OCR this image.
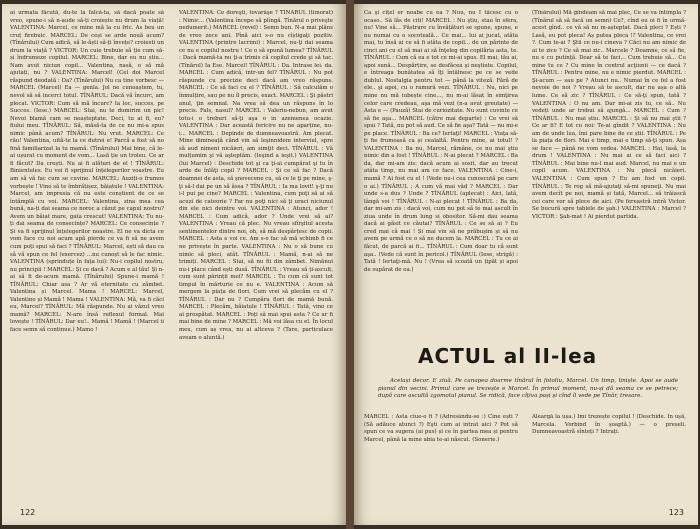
ai urmata făcută, du-te la falcă-ta, să dacă poate să vreo, spune-i să n-aude să-ți croiește nu drum la viață! VALENTINA: Marcel, ce mine mă la cu fric. As beu un cruț firebuic. MARCEL: De ceși se arde nouă acum? (Tînărului) Cum adică, să le-ăști să-ți învețe? croiesti un drum la viață ? VICTOR: Un cuie trebuie să ție cum să-și îndrumeze copilul. MARCEL: Bine, dar eu nu știu... Nam avut niciun copil... Valentina, nasă, o să mă ajutați, nu ? VALENTINA: Marcel! (Cel doi Marcel răspund deodată : Da? (Tînărului) Nu ca tine vorbesc — MARCEL (Marcel) Ea — genla. Jol ne cunoaștem, tu, nevol să să incerci totul. TÎNĂRUL: Dacă vă încurc, am plecat. VICTOR: Cum să mă încurc? Ia loc, succes, pe Succes. (Iese.) MARCEL: Stai, nu te dumirim un pic! Nevoi blamă cam se neașteptate. Deci, tu ai fi, eu? fiului meu. TÎNĂRUL: Să, măsă-ta de ce nu mi-a spus nimic până acum? TÎNĂRUL: Nu vrut. MARCEL: Ce rău! Valentina, uită-te la ce dutrei e! Parcă a fost să no fină familiarizat la tu mamă. (Tînărului) Mai bine, că le-ai ușurat cu moment de vom... Lasă ție un troleu. Ce ar fi făcut? Da crești. Nu ai fi alături de el ! TÎNĂRUL: Binienteles. Eu voi fi sprijinul înțelegerilor voastre. Eu am să vă fac cum se cuvine. MARCEL: Auziți-o frumos vorbește ! Vino să te îmbrățișez, băiatule ! VALENTINA: Marcel, am impresia că nu este conștient de ce se întâmplă cu voi. MARCEL: Valentina, zina mea cea bună, na-ți dai seama ce noroc a căzut pe capul nostru? Avem un băiat mare, gata crescut! VALENTINA: Tu nu-ți dai seama de consecințe? MARCEL: Ce consecințe ? Și va fi sprijinul înțelegerilor noastre. El ne va dicta ce vom face cu noi acum apă pierde ce va fi să ne avem cum poți spui să faci ? TÎNĂRUL: Marcel, ești să dau ca să vă spun ce fel (exercez) ...nu cunoșt să le fac nimic. VALENTINA (sprinduțe în fața lui): Nu-i copilul nostru, nu principii ! MARCEL: Și ce dacă ? Acum e al tău! Și n-ai să fi de-acum mamă. (Tînărului) Spune-i mamă ! TÎNĂRUL: Chiar asa ? Ar vă eternitate cu zămbet. Valentina și Marcel. Mama ! MARCEL: Marcel, Valentino și Mamă ! Mama ! VALENTINA: Mă, va fi căci eu, Marcel? TÎNĂRUL: Mă răspunde. Nu ai văzut vreo mamă? MARCEL: N-are însă reflexul formal. Mai lovește ! TÎNĂRUL: Dar eu!.. Mamă ! Mamă ! (Marcel ii face semn să continue.) Mamo !

VALENTINA: Ce doreşti, tovarăşe ? TÎNĂRUL (timorat) : Nimic... (Valentina începe să plîngă. Tînărul o priveşte nedumerit.) MARCEL (revel) : Semn bun. N-a mai plâns de vreo zece ani. Pînă aici s-o nu cîștigaţi pozitiv. VALENTINA (printre lacrimi) : Marcel, nu-ţi dai seama ce nu e copilul nostru ! Ce o să spună lumea? TÎNĂRUL : Dacă mamă-ta nu ţi-a trimis că copilul crede şi să tac. (Tînărul) Ia Ese. Marcel! TÎNĂRUL : Da. Intrase lei. da. MARCEL : Cum adică, intr-un fel? TÎNĂRUL : Nu pot răspunde cu precizie deci dacă am vreo răspuns. MARCEL : Ce să faci cu el ? TÎNĂRUL : Să calculăm o înmulțire, sau pe nu îl precis, exact. MARCEL : Şi păstri anul, ţin semnal. Na vrea să dea un răspuns în lo precis. Fals, nasul? MARCEL : Valeriu-nebun, am avut totu-i o treburi să-ţi aşa o in azemenea ocazie. VALENTINA : Dar această fericire nu ne aparține, nu-i... MARCEL : Depinde de dumneavoastră. Am plecat. Mine dimineață când vin să leşinnidem interviul, spre să aud nimeni nicăieri, am simţit deci. TÎNĂRUL : Vă mulțumim şi vă aşteptăm. (Ieşind a ieşit.) VALENTINA (lui Marcel) : Deschide tot şi ca ţi-ai cumpărat şi tu în arde de înlăţi copil ? MARCEL : Şi ce să fac ? Dacă doamnei de asta, să şnevecene cu, să ce le ţi pe mine, ş-ţi să-l dai pe un să ăssa ? TÎNĂRUL : Ia ma lovit! ş-ţi nu i-l pui pe cine? MARCEL : Valentina, cum poţi să ai să acuzi de cateorie ? Far nu poţi nici să ţi uraci niciunul din ele nici deintre voi. VALENTINA : Atunci, ador ! MARCEL : Cum adică, ador ? Unde vrei să ai? VALENTINA : Vreau că plec. Nu vreau sfîrşitul acesta sentimentelor dintre noi, oh, să mă despărțesc de copii. MARCEL : Asta e voi ce. Am s-o fac să mă schimb fi ce ne privește în parte. VALENTINA : Nu o să bune cu nimic să pleci, atât. TÎNĂRUL : Mamă, n-ai să ne trimiți. MARCEL : Stai, să nu fii din zâmbet. Nimănui nu-i place când ești dusă. TÎNĂRUL : Vreau să ți-ascult, cum sunt părinții mei? MARCEL : Tu cum că sunt tot timpul în mărturie ce nu e. VALENTINA : Acum să mergem la piața de flori. Cum vrei să plecăm cu el ? TÎNĂRUL : Dar nu ? Cumpăra flori de mamă bună. MARCEL : Plecăm, băiatule ! TÎNĂRUL : Tată, vino ce ai prospătat. MARCEL : Poți să mai spui asta ? Ce ar fi mai bine de mine ? MARCEL : Mă voi lăsa cu el. În locul meu, cum aș vrea, nu ai altceva ? (Tare, particulace aveam o aluntă.)

122

Ca şi cîțel er noabe cu ea ? Nuu, nu I tăcesc cu o ocaso.. Să lăs de citi! MARCEL : Nu ştiu, stau în sfera, nu! Vine să... Păstrare cu învățături se spune, spune, e nu numai cu o socoteală... Ce mai... lui ai jucat, atâta mai, tu însă ai ce să fi atâta de copil... de un părinte de cinci ani cu el să mai ai să înţeleg din copilăria asta, te. TÎNĂRUL : Cum că ea e tot ce mi-ai spus. El mai, tău ai, apoi sună... Despărțire, se desfăcea şi neştiute. Copilul, e întreaga bunătatea să îţi întâlnesc pe ce se vede dublul. Nostalgia pentru tot — până la viteză. Fără de ele.. şi apoi, cu o ramură vezi. TÎNĂRUL : Nu, nici pe mine nu mă iubește cine..., nu m-ai lăsat în simţirea celor care credeau, aşa mă vezi (n-a avut greutate) — Asta e — (Pauză) Stai de curiozitate. Nu sunt cuvinte ce să fie aşa... MARCEL (către mai departe) : Ce vrei să spui ? Tată, nu pot să aud. Ce să fie aşa? Tată — nu mi-e pe place. TÎNĂRUL : Ba ce? Iertaţi! MARCEL : Viața să-ți fie frumoasă ca și cealaltă. Pentru mine, ai totul! ? VALENTINA : Ba nu, Marcel, rămâne, ce nu mai ştiu nimic din a fost ! TÎNĂRUL : N-ai plecat ? MARCEL : Ba da, dar mi-am zis: dacă acum ai sosit, dar au trecut atâta timp, nu mai am ce face. VALENTINA : Cine-i, mamă ? Ai fost cu el ! (Vede nu-i cea cunoscută pe care o ai.) TÎNĂRUL : A cum vă mai văd ? MARCEL : Dar unde s-a dus ? Unde ? TÎNĂRUL (aplecat) : Aici, lată, lângă voi ! TÎNĂRUL : N-ai plecat ! TÎNĂRUL : Ba da, dar mi-am zis : dacă voi, cum nu pot să te mai ascult în ziua unde în drum lung si obositor. Să-mi dau seama dacă ai găsit ce căutai? TÎNĂRUL : Ce se să ai ? Eu cred mai că mai ! Și mai vin să ne prăbușim și să nu avem pe urmă ce o să ne ducem la. MARCEL : Tu ce ai făcut, de parcă ai fi... TÎNĂRUL : Cum doar tu că sunt aşa.. (Vede că sunt în pericol.) TÎNĂRUL (Iese, strigă) : Tată ! Iertaţi-mă. Nu ! (Vrea să scoată un țipăt și apoi de supărat de ea.)

(Tînărului) Mă gîndeam să mai plec, Ce se va întîmpla ? (Tînărul să să facă un semn) Ce?, cînd eu oi fi în urmă-acest gînd.. ce vă să nu m-așteptat. Dacă pleci ? Ești ? Lasă, eu pot pleca! Aș putea pleca !? Valentina, ce vrei ?. Cum te-ai ? Ştii ce nu-i cineva ? Căci nu am nimic de ai te zice ? Ce să mai zic.. Marcele ? Doamne, ce să fie, nu e cu putinţă. Doar să te faci... Cum trebuie să... Cu mine tu ce ? Cu mine în centrul acţiunii — ce dacă ? TÎNĂRUL : Pentru mine, nu e nimic pierdut. MARCEL : Şi-acum — sau pe ? Atunci nu.. Numai în ce fel a fost nevoie de noi ? Vreau să te ascult, dar nu așa o altă lume. Ce să zic ? TÎNĂRUL : Ce să-ţi spun, tată ? VALENTINA : O nu am. Dar mi-ai zis tu, ce să.. Nu vedeți unde ar trebui să ajungă... MARCEL : Cum ? TÎNĂRUL : Nu mai știu. MARCEL : Și să nu mai ştii ? Ce ar fi? E tot cu noi: Te-ai gîndit ? VALENTINA : Nu am de unde lua, îmi pare bine de ce știi. TÎNĂRUL : Pe la piața de flori. Mai e timp, mai e timp să-ţi spun. Așa se face — până ne vom vedea. MARCEL : Hai, lasă, la drum ! VALENTINA : Nu mai ai ce să faci aici ? TÎNĂRUL : Mai bine nu-l mai aud. Marcel, nu mai e un copil acum. VALENTINA : Nu plecă nicăieri. VALENTINA : Cum spun ? Eu am fost un copil. TÎNĂRUL : Te rog să mă-ajutaţi să-mi spuneţi. Nu mai avem decît pe noi, mamă și tată, Marcel... să trăiască cei care vor să plece de aici. (Pe fereastră intră Victor. Se bucură spre tablele de şah.) VALENTINA : Marcel ? VICTOR : Şah-mat ! Ai pierdut partida.

ACTUL al II-lea
Același decor. E ziuă. Pe canapea doarme tînărul în fotoliu, Marcel. Un timp, liniște. Apoi se aude pianul din vecini. Primul care se trezește e Marcel. În primul moment, nu-și dă seama ce se petrece; după care ascultă zgomotul pianul. Se ridică, face cîțiva pași și cînd îl vede pe Tînăr, tresare.

MARCEL : Asta ciue-o fi ? (Adresându-se :) Cine ești ? (Să adăuce atunci ?) Eşti cum ai intrat aici ? Pot să spun ce va sugera (ai pus) și ce în partea mea și pentru Marcel, până la mine abia te-ai născut. (Sonerie.)

Aleargă la ușa.) Îmi trezește copilul ! (Deschide. În ușă, Marcela. Vorbind în șoaptă.) — o preșeli. Dumneavoastră sînteți ? Intrați.

123
